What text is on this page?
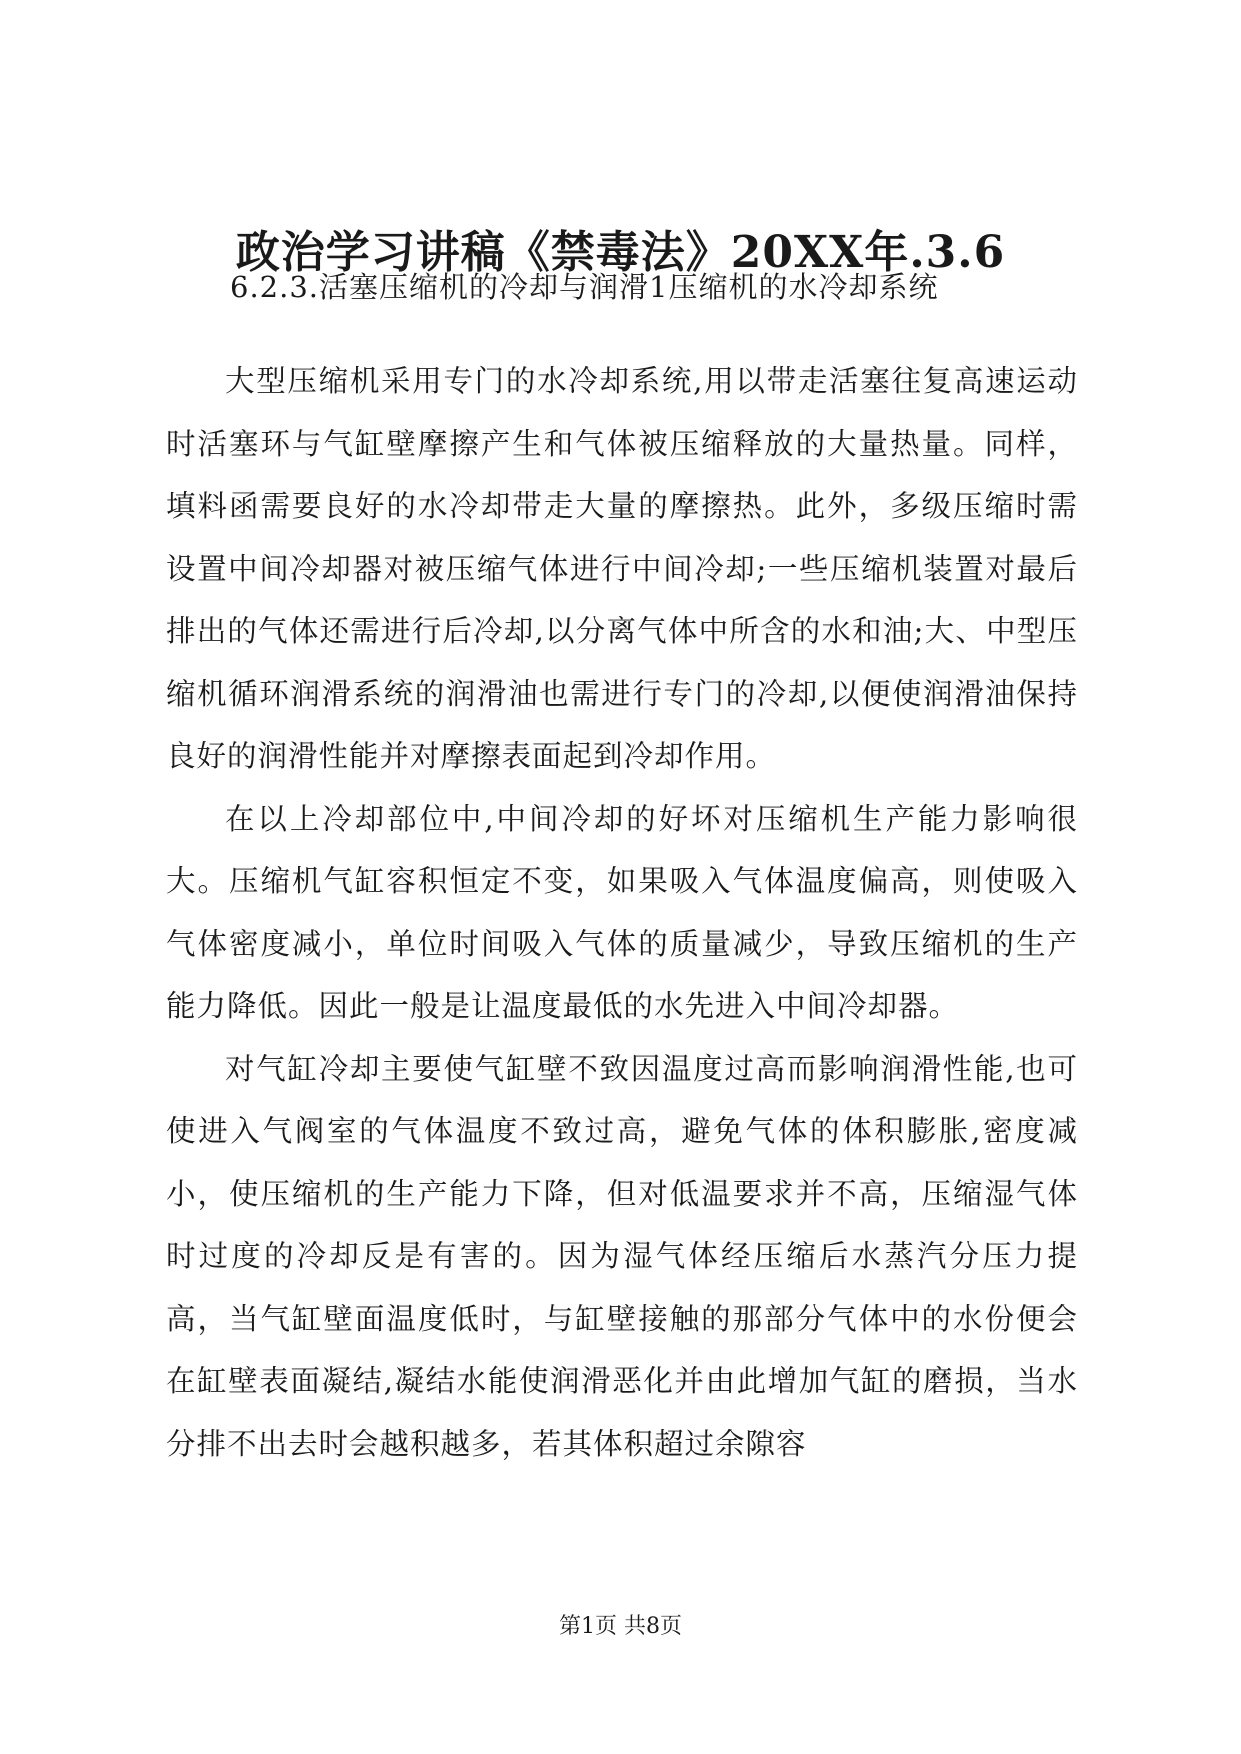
政治学习讲稿《禁毒法》20XX年.3.6
6.2.3.活塞压缩机的冷却与润滑1压缩机的水冷却系统

大型压缩机采用专门的水冷却系统,用以带走活塞往复高速运动时活塞环与气缸壁摩擦产生和气体被压缩释放的大量热量。同样，填料函需要良好的水冷却带走大量的摩擦热。此外，多级压缩时需设置中间冷却器对被压缩气体进行中间冷却;一些压缩机装置对最后排出的气体还需进行后冷却,以分离气体中所含的水和油;大、中型压缩机循环润滑系统的润滑油也需进行专门的冷却,以便使润滑油保持良好的润滑性能并对摩擦表面起到冷却作用。

在以上冷却部位中,中间冷却的好坏对压缩机生产能力影响很大。压缩机气缸容积恒定不变，如果吸入气体温度偏高，则使吸入气体密度减小，单位时间吸入气体的质量减少，导致压缩机的生产能力降低。因此一般是让温度最低的水先进入中间冷却器。

对气缸冷却主要使气缸壁不致因温度过高而影响润滑性能,也可使进入气阀室的气体温度不致过高，避免气体的体积膨胀,密度减小，使压缩机的生产能力下降，但对低温要求并不高，压缩湿气体时过度的冷却反是有害的。因为湿气体经压缩后水蒸汽分压力提高，当气缸壁面温度低时，与缸壁接触的那部分气体中的水份便会在缸壁表面凝结,凝结水能使润滑恶化并由此增加气缸的磨损，当水分排不出去时会越积越多，若其体积超过余隙容

第1页 共8页
